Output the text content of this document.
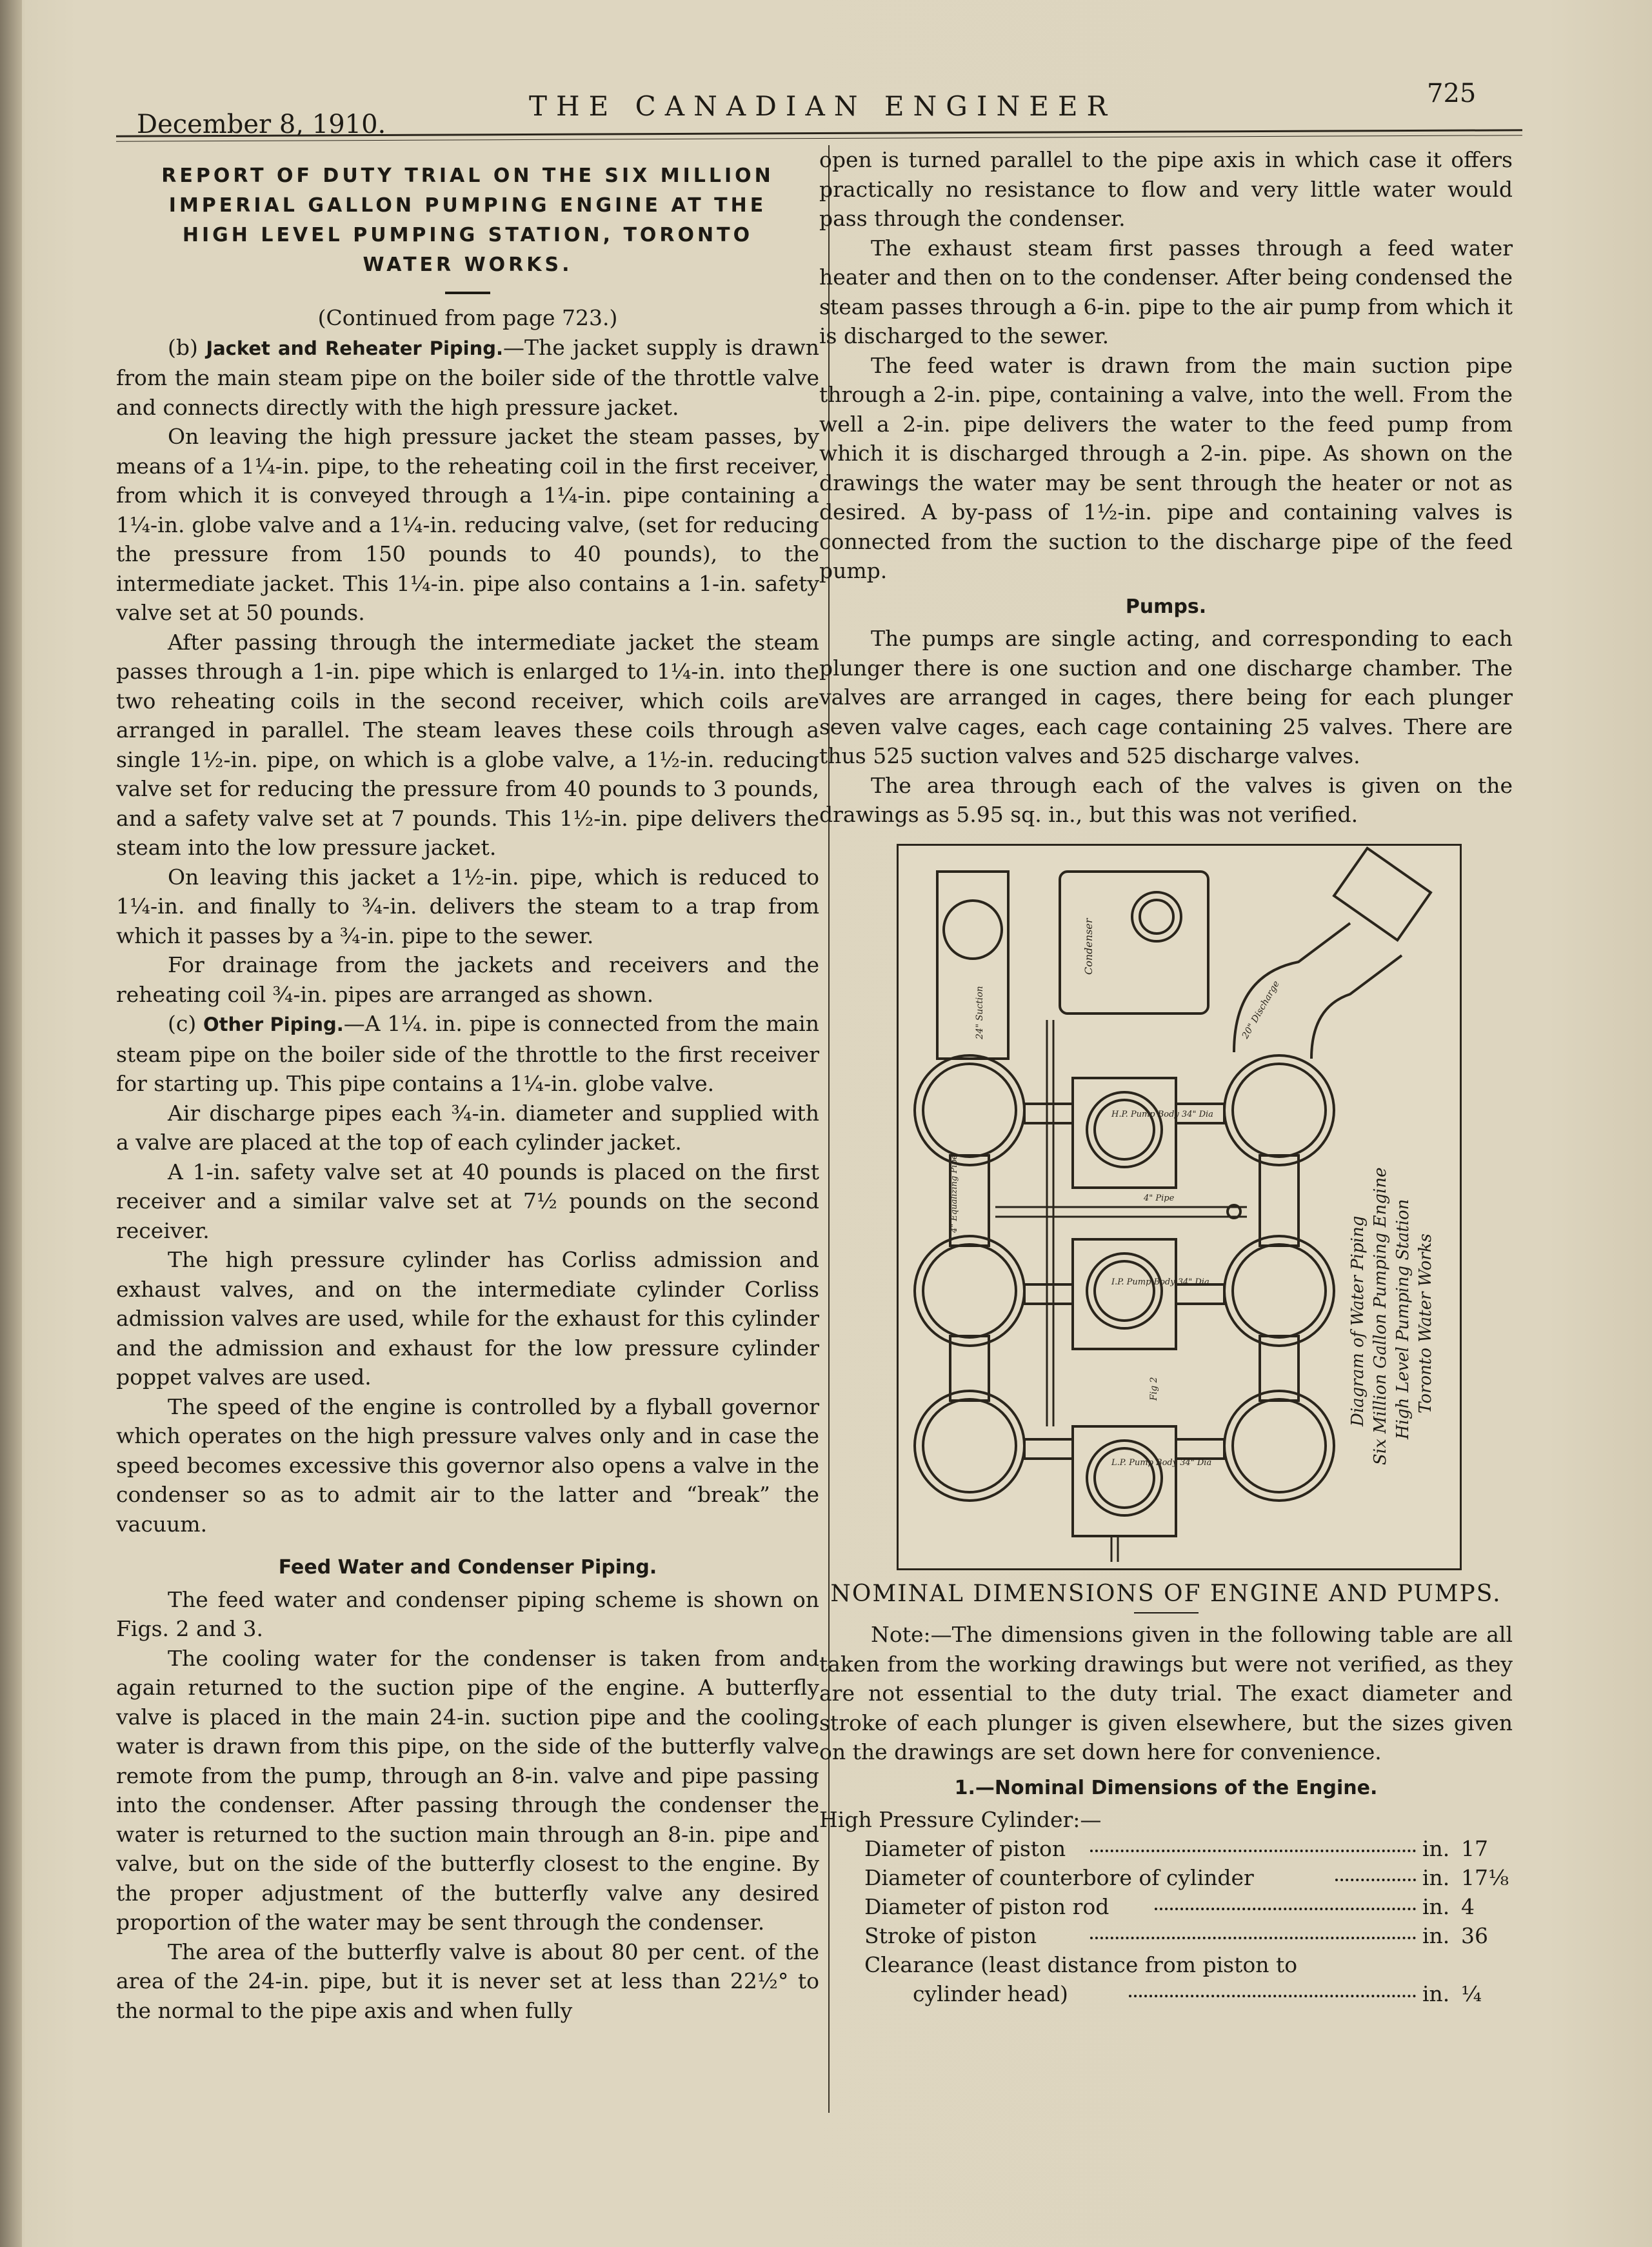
December 8, 1910.
THE CANADIAN ENGINEER	725
REPORT OF DUTY TRIAL ON THE SIX MILLION
IMPERIAL GALLON PUMPING ENGINE AT THE
HIGH LEVEL PUMPING STATION, TORONTO
WATER WORKS.

(Continued from page 723.)

(b) Jacket and Reheater Piping.—The jacket supply is drawn from the main steam pipe on the boiler side of the throttle valve and connects directly with the high pressure jacket.

On leaving the high pressure jacket the steam passes, by means of a 1¼-in. pipe, to the reheating coil in the first receiver, from which it is conveyed through a 1¼-in. pipe containing a 1¼-in. globe valve and a 1¼-in. reducing valve, (set for reducing the pressure from 150 pounds to 40 pounds), to the intermediate jacket. This 1¼-in. pipe also contains a 1-in. safety valve set at 50 pounds.

After passing through the intermediate jacket the steam passes through a 1-in. pipe which is enlarged to 1¼-in. into the two reheating coils in the second receiver, which coils are arranged in parallel. The steam leaves these coils through a single 1½-in. pipe, on which is a globe valve, a 1½-in. reducing valve set for reducing the pressure from 40 pounds to 3 pounds, and a safety valve set at 7 pounds. This 1½-in. pipe delivers the steam into the low pressure jacket.

On leaving this jacket a 1½-in. pipe, which is reduced to 1¼-in. and finally to ¾-in. delivers the steam to a trap from which it passes by a ¾-in. pipe to the sewer.

For drainage from the jackets and receivers and the reheating coil ¾-in. pipes are arranged as shown.

(c) Other Piping.—A 1¼. in. pipe is connected from the main steam pipe on the boiler side of the throttle to the first receiver for starting up. This pipe contains a 1¼-in. globe valve.

Air discharge pipes each ¾-in. diameter and supplied with a valve are placed at the top of each cylinder jacket.

A 1-in. safety valve set at 40 pounds is placed on the first receiver and a similar valve set at 7½ pounds on the second receiver.

The high pressure cylinder has Corliss admission and exhaust valves, and on the intermediate cylinder Corliss admission valves are used, while for the exhaust for this cylinder and the admission and exhaust for the low pressure cylinder poppet valves are used.

The speed of the engine is controlled by a flyball governor which operates on the high pressure valves only and in case the speed becomes excessive this governor also opens a valve in the condenser so as to admit air to the latter and “break” the vacuum.

Feed Water and Condenser Piping.

The feed water and condenser piping scheme is shown on Figs. 2 and 3.

The cooling water for the condenser is taken from and again returned to the suction pipe of the engine. A butterfly valve is placed in the main 24-in. suction pipe and the cooling water is drawn from this pipe, on the side of the butterfly valve remote from the pump, through an 8-in. valve and pipe passing into the condenser. After passing through the condenser the water is returned to the suction main through an 8-in. pipe and valve, but on the side of the butterfly closest to the engine. By the proper adjustment of the butterfly valve any desired proportion of the water may be sent through the condenser.

The area of the butterfly valve is about 80 per cent. of the area of the 24-in. pipe, but it is never set at less than 22½° to the normal to the pipe axis and when fully

open is turned parallel to the pipe axis in which case it offers practically no resistance to flow and very little water would pass through the condenser.

The exhaust steam first passes through a feed water heater and then on to the condenser. After being condensed the steam passes through a 6-in. pipe to the air pump from which it is discharged to the sewer.

The feed water is drawn from the main suction pipe through a 2-in. pipe, containing a valve, into the well. From the well a 2-in. pipe delivers the water to the feed pump from which it is discharged through a 2-in. pipe. As shown on the drawings the water may be sent through the heater or not as desired. A by-pass of 1½-in. pipe and containing valves is connected from the suction to the discharge pipe of the feed pump.

Pumps.

The pumps are single acting, and corresponding to each plunger there is one suction and one discharge chamber. The valves are arranged in cages, there being for each plunger seven valve cages, each cage containing 25 valves. There are thus 525 suction valves and 525 discharge valves.

The area through each of the valves is given on the drawings as 5.95 sq. in., but this was not verified.

Condenser
H.P. Pump Body 34" Dia
I.P. Pump Body 34" Dia
L.P. Pump Body 34" Dia
24" Suction	20" Discharge
4" Pipe
4" Equalizing Pipe
Fig 2	Diagram of Water Piping Six Million Gallon Pumping Engine High Level Pumping Station Toronto Water Works

NOMINAL DIMENSIONS OF ENGINE AND PUMPS.

Note:—The dimensions given in the following table are all taken from the working drawings but were not verified, as they are not essential to the duty trial. The exact diameter and stroke of each plunger is given elsewhere, but the sizes given on the drawings are set down here for convenience.

1.—Nominal Dimensions of the Engine.

High Pressure Cylinder:—
Diameter of piston	in. 17
Diameter of counterbore of cylinder	in. 17⅛
Diameter of piston rod	in. 4
Stroke of piston	in. 36
Clearance (least distance from piston to
cylinder head)	in. ¼
